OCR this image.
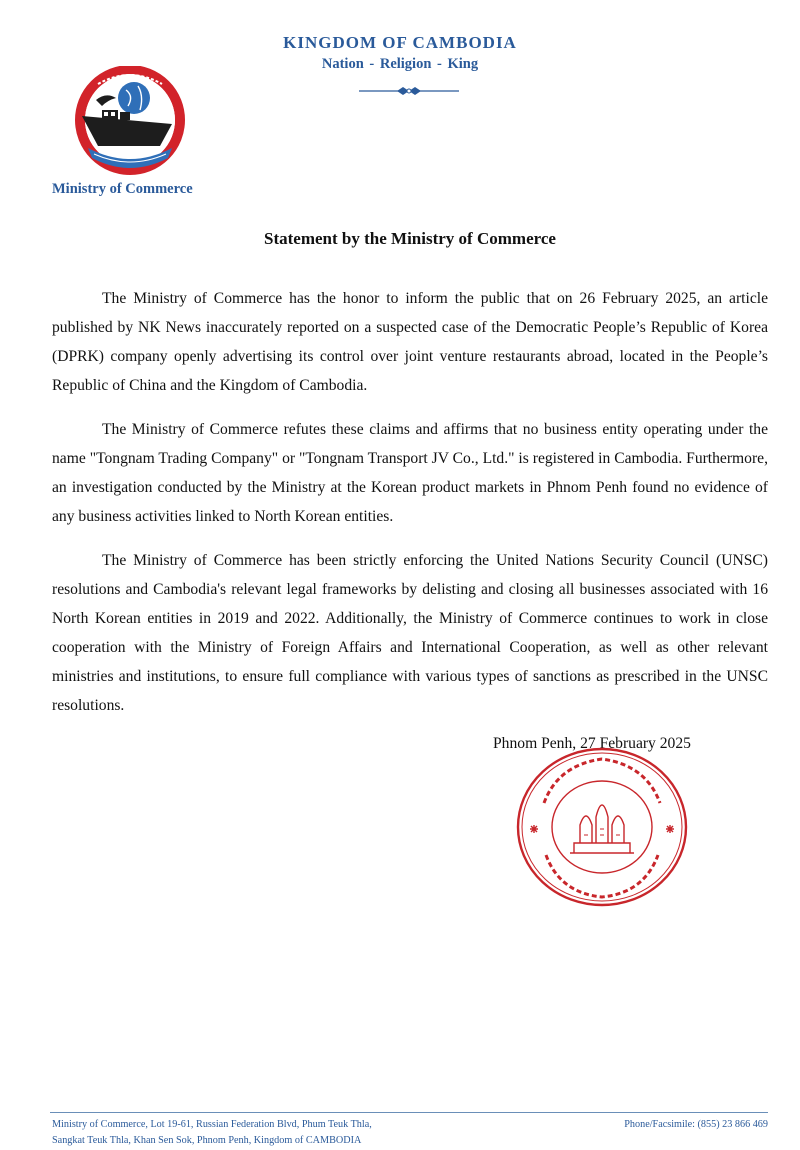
KINGDOM OF CAMBODIA
Nation - Religion - King
Ministry of Commerce
Statement by the Ministry of Commerce

The Ministry of Commerce has the honor to inform the public that on 26 February 2025, an article published by NK News inaccurately reported on a suspected case of the Democratic People’s Republic of Korea (DPRK) company openly advertising its control over joint venture restaurants abroad, located in the People’s Republic of China and the Kingdom of Cambodia.

The Ministry of Commerce refutes these claims and affirms that no business entity operating under the name "Tongnam Trading Company" or "Tongnam Transport JV Co., Ltd." is registered in Cambodia. Furthermore, an investigation conducted by the Ministry at the Korean product markets in Phnom Penh found no evidence of any business activities linked to North Korean entities.

The Ministry of Commerce has been strictly enforcing the United Nations Security Council (UNSC) resolutions and Cambodia's relevant legal frameworks by delisting and closing all businesses associated with 16 North Korean entities in 2019 and 2022. Additionally, the Ministry of Commerce continues to work in close cooperation with the Ministry of Foreign Affairs and International Cooperation, as well as other relevant ministries and institutions, to ensure full compliance with various types of sanctions as prescribed in the UNSC resolutions.

Phnom Penh, 27 February 2025
Ministry of Commerce, Lot 19-61, Russian Federation Blvd, Phum Teuk Thla,
Sangkat Teuk Thla, Khan Sen Sok, Phnom Penh, Kingdom of CAMBODIA
Phone/Facsimile: (855) 23 866 469
